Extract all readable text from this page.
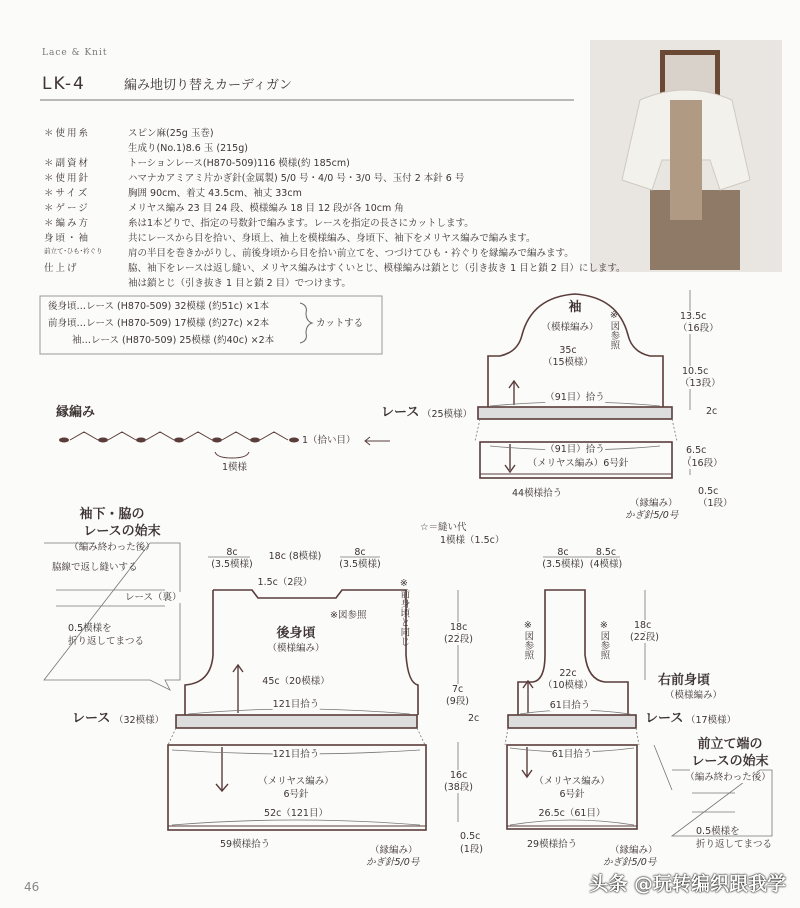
Lace & Knit
LK-4	編み地切り替えカーディガン
＊使用糸	スピン麻(25g 玉巻)
生成り(No.1)8.6 玉 (215g)
＊副資材	トーションレース(H870-509)116 模様(約 185cm)
＊使用針	ハマナカアミアミ片かぎ針(金属製) 5/0 号・4/0 号・3/0 号、玉付 2 本針 6 号
＊サイズ	胸囲 90cm、着丈 43.5cm、袖丈 33cm
＊ゲージ	メリヤス編み 23 目 24 段、模様編み 18 目 12 段が各 10cm 角
＊編み方	糸は1本どりで、指定の号数針で編みます。レースを指定の長さにカットします。
身頃・袖	共にレースから目を拾い、身頃上、袖上を模様編み、身頃下、袖下をメリヤス編みで編みます。
前立て･ひも･衿ぐり	肩の半目を巻きかがりし、前後身頃から目を拾い前立てを、つづけてひも・衿ぐりを縁編みで編みます。
仕上げ	脇、袖下をレースは返し縫い、メリヤス編みはすくいとじ、模様編みは鎖とじ（引き抜き 1 目と鎖 2 目）にします。
袖は鎖とじ（引き抜き 1 目と鎖 2 目）でつけます。
後身頃…レース (H870-509) 32模様 (約51c) ×1本
前身頃…レース (H870-509) 17模様 (約27c) ×2本
袖…レース (H870-509) 25模様 (約40c) ×2本
カットする
縁編み
1（拾い目）
1模様
袖
（模様編み） ※図参照
35c
（15模様）
（91目）拾う
レース （25模様）
（91目）拾う
（メリヤス編み）6号針
44模様拾う
（縁編み）
かぎ針5/0号
13.5c
（16段）
10.5c
（13段）
2c
6.5c
（16段）
0.5c
（1段）
☆＝縫い代
1模様（1.5c）
袖下・脇の
レースの始末
（編み終わった後）
脇線で返し縫いする
レース（裏）
0.5模様を
折り返してまつる
8c
(3.5模様)
18c (8模様)	8c
(3.5模様)
1.5c（2段）
※図参照	※前身頃と同じ
後身頃
（模様編み）
45c（20模様）
121目拾う
レース （32模様）
121目拾う
（メリヤス編み）
6号針
52c（121目）
59模様拾う
（縁編み）
かぎ針5/0号
18c
(22段)
7c
(9段)
2c
16c
(38段)
0.5c
(1段)
8c
(3.5模様)
8.5c
(4模様)
※図参照	※図参照
22c
（10模様）	右前身頃
（模様編み）
61目拾う
レース （17模様）
61目拾う
（メリヤス編み）
6号針
26.5c（61目）
29模様拾う
（縁編み）
かぎ針5/0号
18c
(22段)
前立て端の
レースの始末
（編み終わった後）
0.5模様を
折り返してまつる
46	头条 @玩转编织跟我学
